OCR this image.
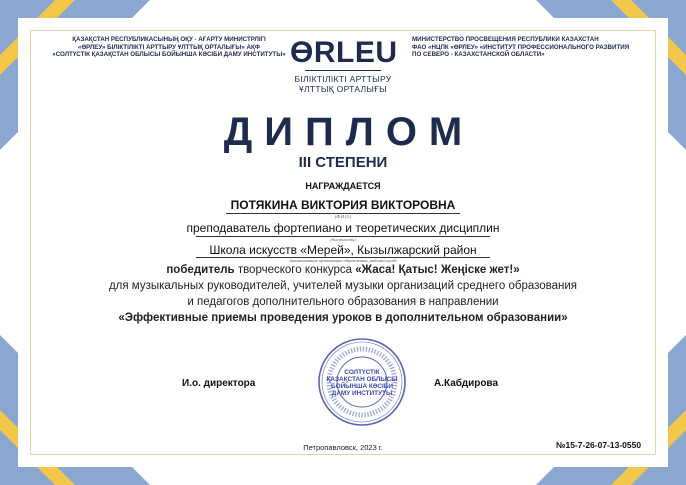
ҚАЗАҚСТАН РЕСПУБЛИКАСЫНЫҢ ОҚУ - АҒАРТУ МИНИСТРЛІГІ
«ӨРЛЕУ» БІЛІКТІЛІКТІ АРТТЫРУ ҰЛТТЫҚ ОРТАЛЫҒЫ» АҚФ
«СОЛТҮСТІК ҚАЗАҚСТАН ОБЛЫСЫ БОЙЫНША КӘСІБИ ДАМУ ИНСТИТУТЫ» ӨRLEU
БІЛІКТІЛІКТІ АРТТЫРУ
ҰЛТТЫҚ ОРТАЛЫҒЫ
МИНИСТЕРСТВО ПРОСВЕЩЕНИЯ РЕСПУБЛИКИ КАЗАХСТАН
ФАО «НЦПК «ӨРЛЕУ» «ИНСТИТУТ ПРОФЕССИОНАЛЬНОГО РАЗВИТИЯ
ПО СЕВЕРО - КАЗАХСТАНСКОЙ ОБЛАСТИ»
ДИПЛОМ
III СТЕПЕНИ
НАГРАЖДАЕТСЯ
ПОТЯКИНА ВИКТОРИЯ ВИКТОРОВНА
(Ф.И.О.)
преподаватель фортепиано и теоретических дисциплин
(должность)
Школа искусств «Мерей», Кызылжарский район
(наименование организации образования, района/город)
победитель творческого конкурса «Жаса! Қатыс! Жеңіске жет!»
для музыкальных руководителей, учителей музыки организаций среднего образования
и педагогов дополнительного образования в направлении
«Эффективные приемы проведения уроков в дополнительном образовании»
И.о. директора	А.Кабдирова
СОЛТҮСТІК
ҚАЗАҚСТАН ОБЛЫСЫ
БОЙЫНША КӘСІБИ
ДАМУ ИНСТИТУТЫ
Петропавловск, 2023 г.	№15-7-26-07-13-0550
